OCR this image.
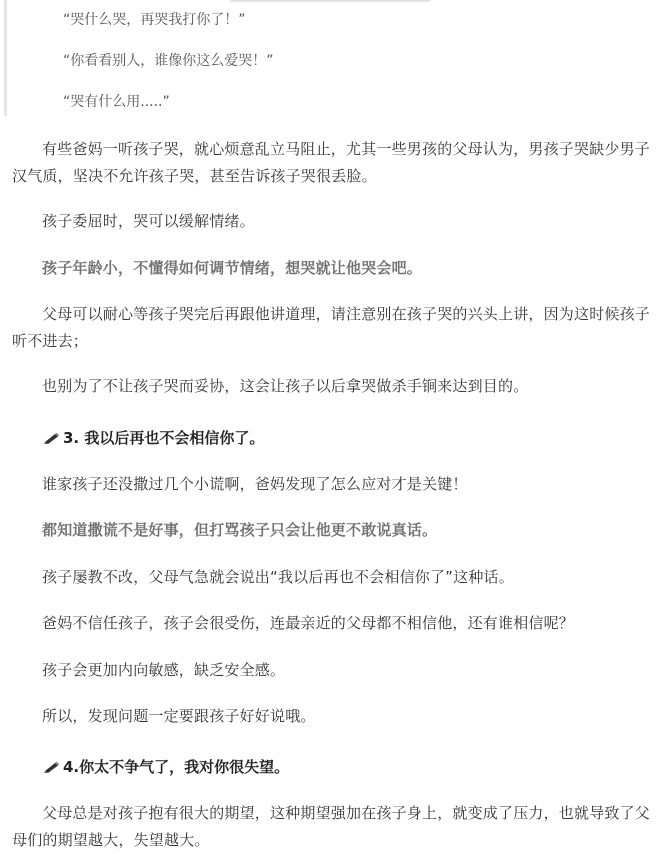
“哭什么哭，再哭我打你了！”
“你看看别人，谁像你这么爱哭！”
“哭有什么用.....”

有些爸妈一听孩子哭，就心烦意乱立马阻止，尤其一些男孩的父母认为，男孩子哭缺少男子汉气质，坚决不允许孩子哭，甚至告诉孩子哭很丢脸。

孩子委屈时，哭可以缓解情绪。

孩子年龄小，不懂得如何调节情绪，想哭就让他哭会吧。

父母可以耐心等孩子哭完后再跟他讲道理，请注意别在孩子哭的兴头上讲，因为这时候孩子听不进去；

也别为了不让孩子哭而妥协，这会让孩子以后拿哭做杀手锏来达到目的。

3. 我以后再也不会相信你了。

谁家孩子还没撒过几个小谎啊，爸妈发现了怎么应对才是关键！

都知道撒谎不是好事，但打骂孩子只会让他更不敢说真话。

孩子屡教不改，父母气急就会说出“我以后再也不会相信你了”这种话。

爸妈不信任孩子，孩子会很受伤，连最亲近的父母都不相信他，还有谁相信呢？

孩子会更加内向敏感，缺乏安全感。

所以，发现问题一定要跟孩子好好说哦。

4.你太不争气了，我对你很失望。

父母总是对孩子抱有很大的期望，这种期望强加在孩子身上，就变成了压力，也就导致了父母们的期望越大，失望越大。
